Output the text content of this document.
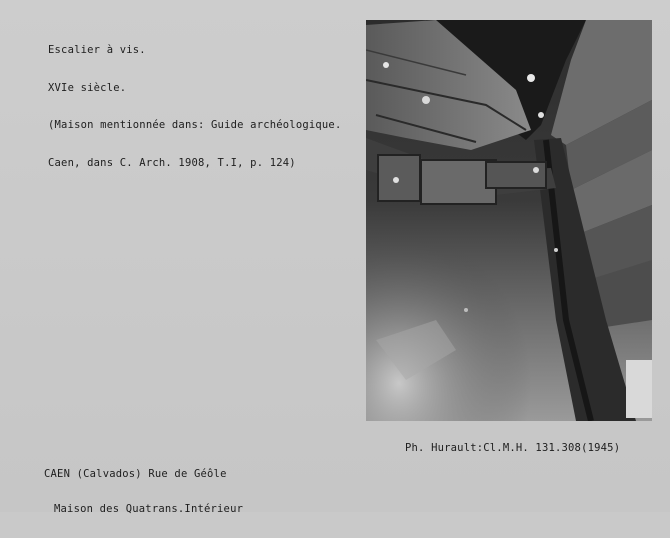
Escalier à vis.

XVIe siècle.

(Maison mentionnée dans: Guide archéologique.

Caen, dans C. Arch. 1908, T.I, p. 124)

CAEN (Calvados) Rue de Géôle

Maison des Quatrans.Intérieur

Ph. Hurault:Cl.M.H. 131.308(1945)
